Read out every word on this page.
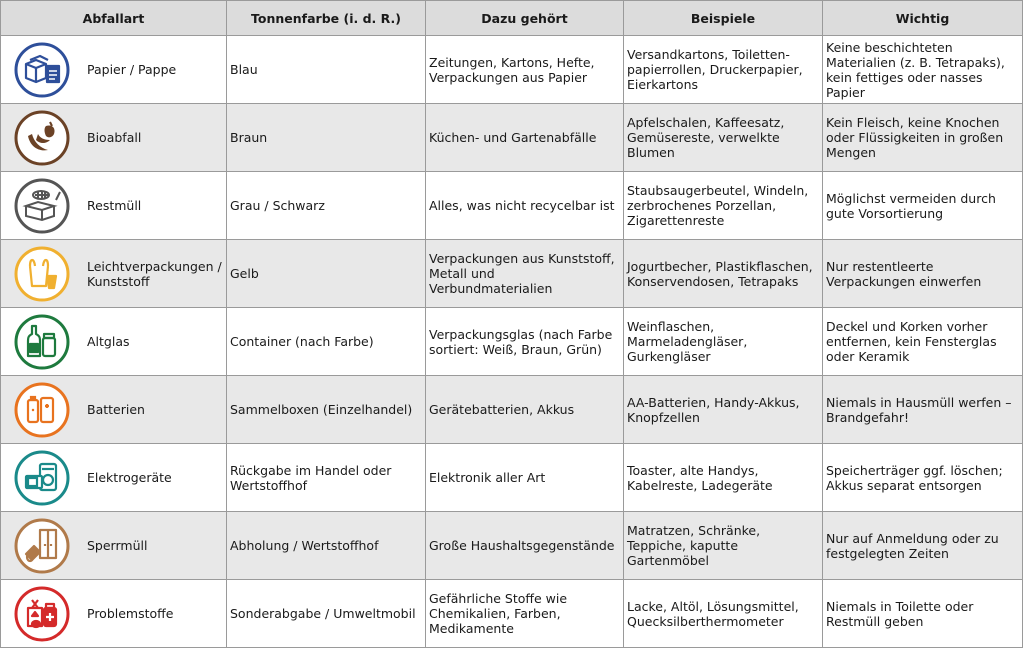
Abfallart	Tonnenfarbe (i. d. R.)	Dazu gehört	Beispiele	Wichtig

Papier / Pappe	Blau	Zeitungen, Kartons, Hefte, Verpackungen aus Papier	Versandkartons, Toiletten-papierrollen, Druckerpapier, Eierkartons	Keine beschichteten Materialien (z. B. Tetrapaks), kein fettiges oder nasses Papier

Bioabfall	Braun	Küchen- und Gartenabfälle	Apfelschalen, Kaffeesatz, Gemüsereste, verwelkte Blumen	Kein Fleisch, keine Knochen oder Flüssigkeiten in großen Mengen

Restmüll	Grau / Schwarz	Alles, was nicht recycelbar ist	Staubsaugerbeutel, Windeln, zerbrochenes Porzellan, Zigarettenreste	Möglichst vermeiden durch gute Vorsortierung

Leichtverpackungen / Kunststoff	Gelb	Verpackungen aus Kunststoff, Metall und Verbundmaterialien	Jogurtbecher, Plastikflaschen, Konservendosen, Tetrapaks	Nur restentleerte Verpackungen einwerfen

Altglas	Container (nach Farbe)	Verpackungsglas (nach Farbe sortiert: Weiß, Braun, Grün)	Weinflaschen, Marmeladengläser, Gurkengläser	Deckel und Korken vorher entfernen, kein Fensterglas oder Keramik

Batterien	Sammelboxen (Einzelhandel)	Gerätebatterien, Akkus	AA-Batterien, Handy-Akkus, Knopfzellen	Niemals in Hausmüll werfen – Brandgefahr!

Elektrogeräte	Rückgabe im Handel oder Wertstoffhof	Elektronik aller Art	Toaster, alte Handys, Kabelreste, Ladegeräte	Speicherträger ggf. löschen; Akkus separat entsorgen

Sperrmüll	Abholung / Wertstoffhof	Große Haushaltsgegenstände	Matratzen, Schränke, Teppiche, kaputte Gartenmöbel	Nur auf Anmeldung oder zu festgelegten Zeiten

Problemstoffe	Sonderabgabe / Umweltmobil	Gefährliche Stoffe wie Chemikalien, Farben, Medikamente	Lacke, Altöl, Lösungsmittel, Quecksilberthermometer	Niemals in Toilette oder Restmüll geben
